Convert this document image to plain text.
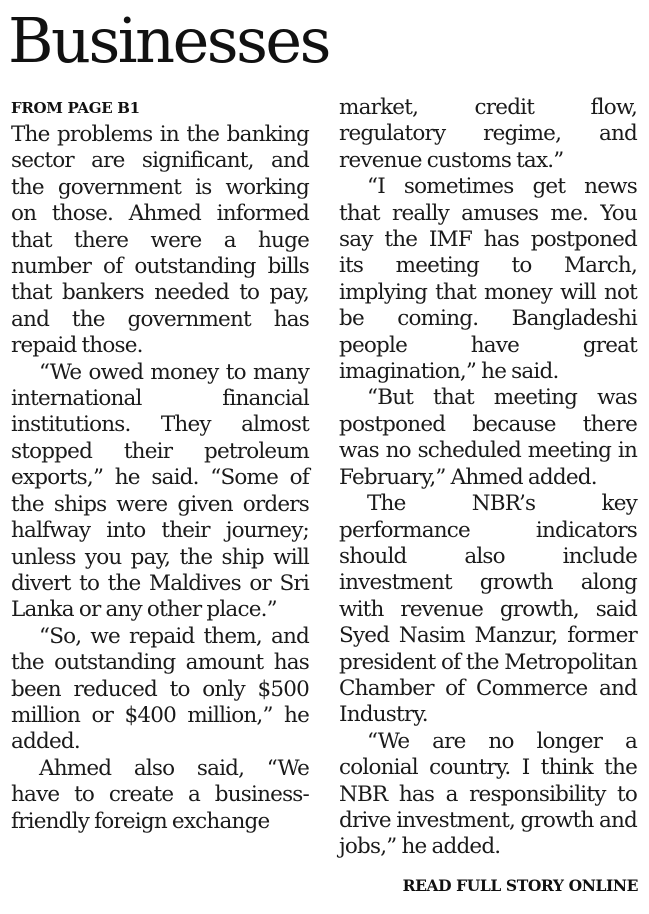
Businesses
FROM PAGE B1

The problems in the banking sector are significant, and the government is working on those. Ahmed informed that there were a huge number of outstanding bills that bankers needed to pay, and the government has repaid those.

“We owed money to many international financial institutions. They almost stopped their petroleum exports,” he said. “Some of the ships were given orders halfway into their journey; unless you pay, the ship will divert to the Maldives or Sri Lanka or any other place.”

“So, we repaid them, and the outstanding amount has been reduced to only $500 million or $400 million,” he added.

Ahmed also said, “We have to create a business-friendly foreign exchange

market, credit flow, regulatory regime, and revenue customs tax.”

“I sometimes get news that really amuses me. You say the IMF has postponed its meeting to March, implying that money will not be coming. Bangladeshi people have great imagination,” he said.

“But that meeting was postponed because there was no scheduled meeting in February,” Ahmed added.

The NBR’s key performance indicators should also include investment growth along with revenue growth, said Syed Nasim Manzur, former president of the Metropolitan Chamber of Commerce and Industry.

“We are no longer a colonial country. I think the NBR has a responsibility to drive investment, growth and jobs,” he added.

READ FULL STORY ONLINE
